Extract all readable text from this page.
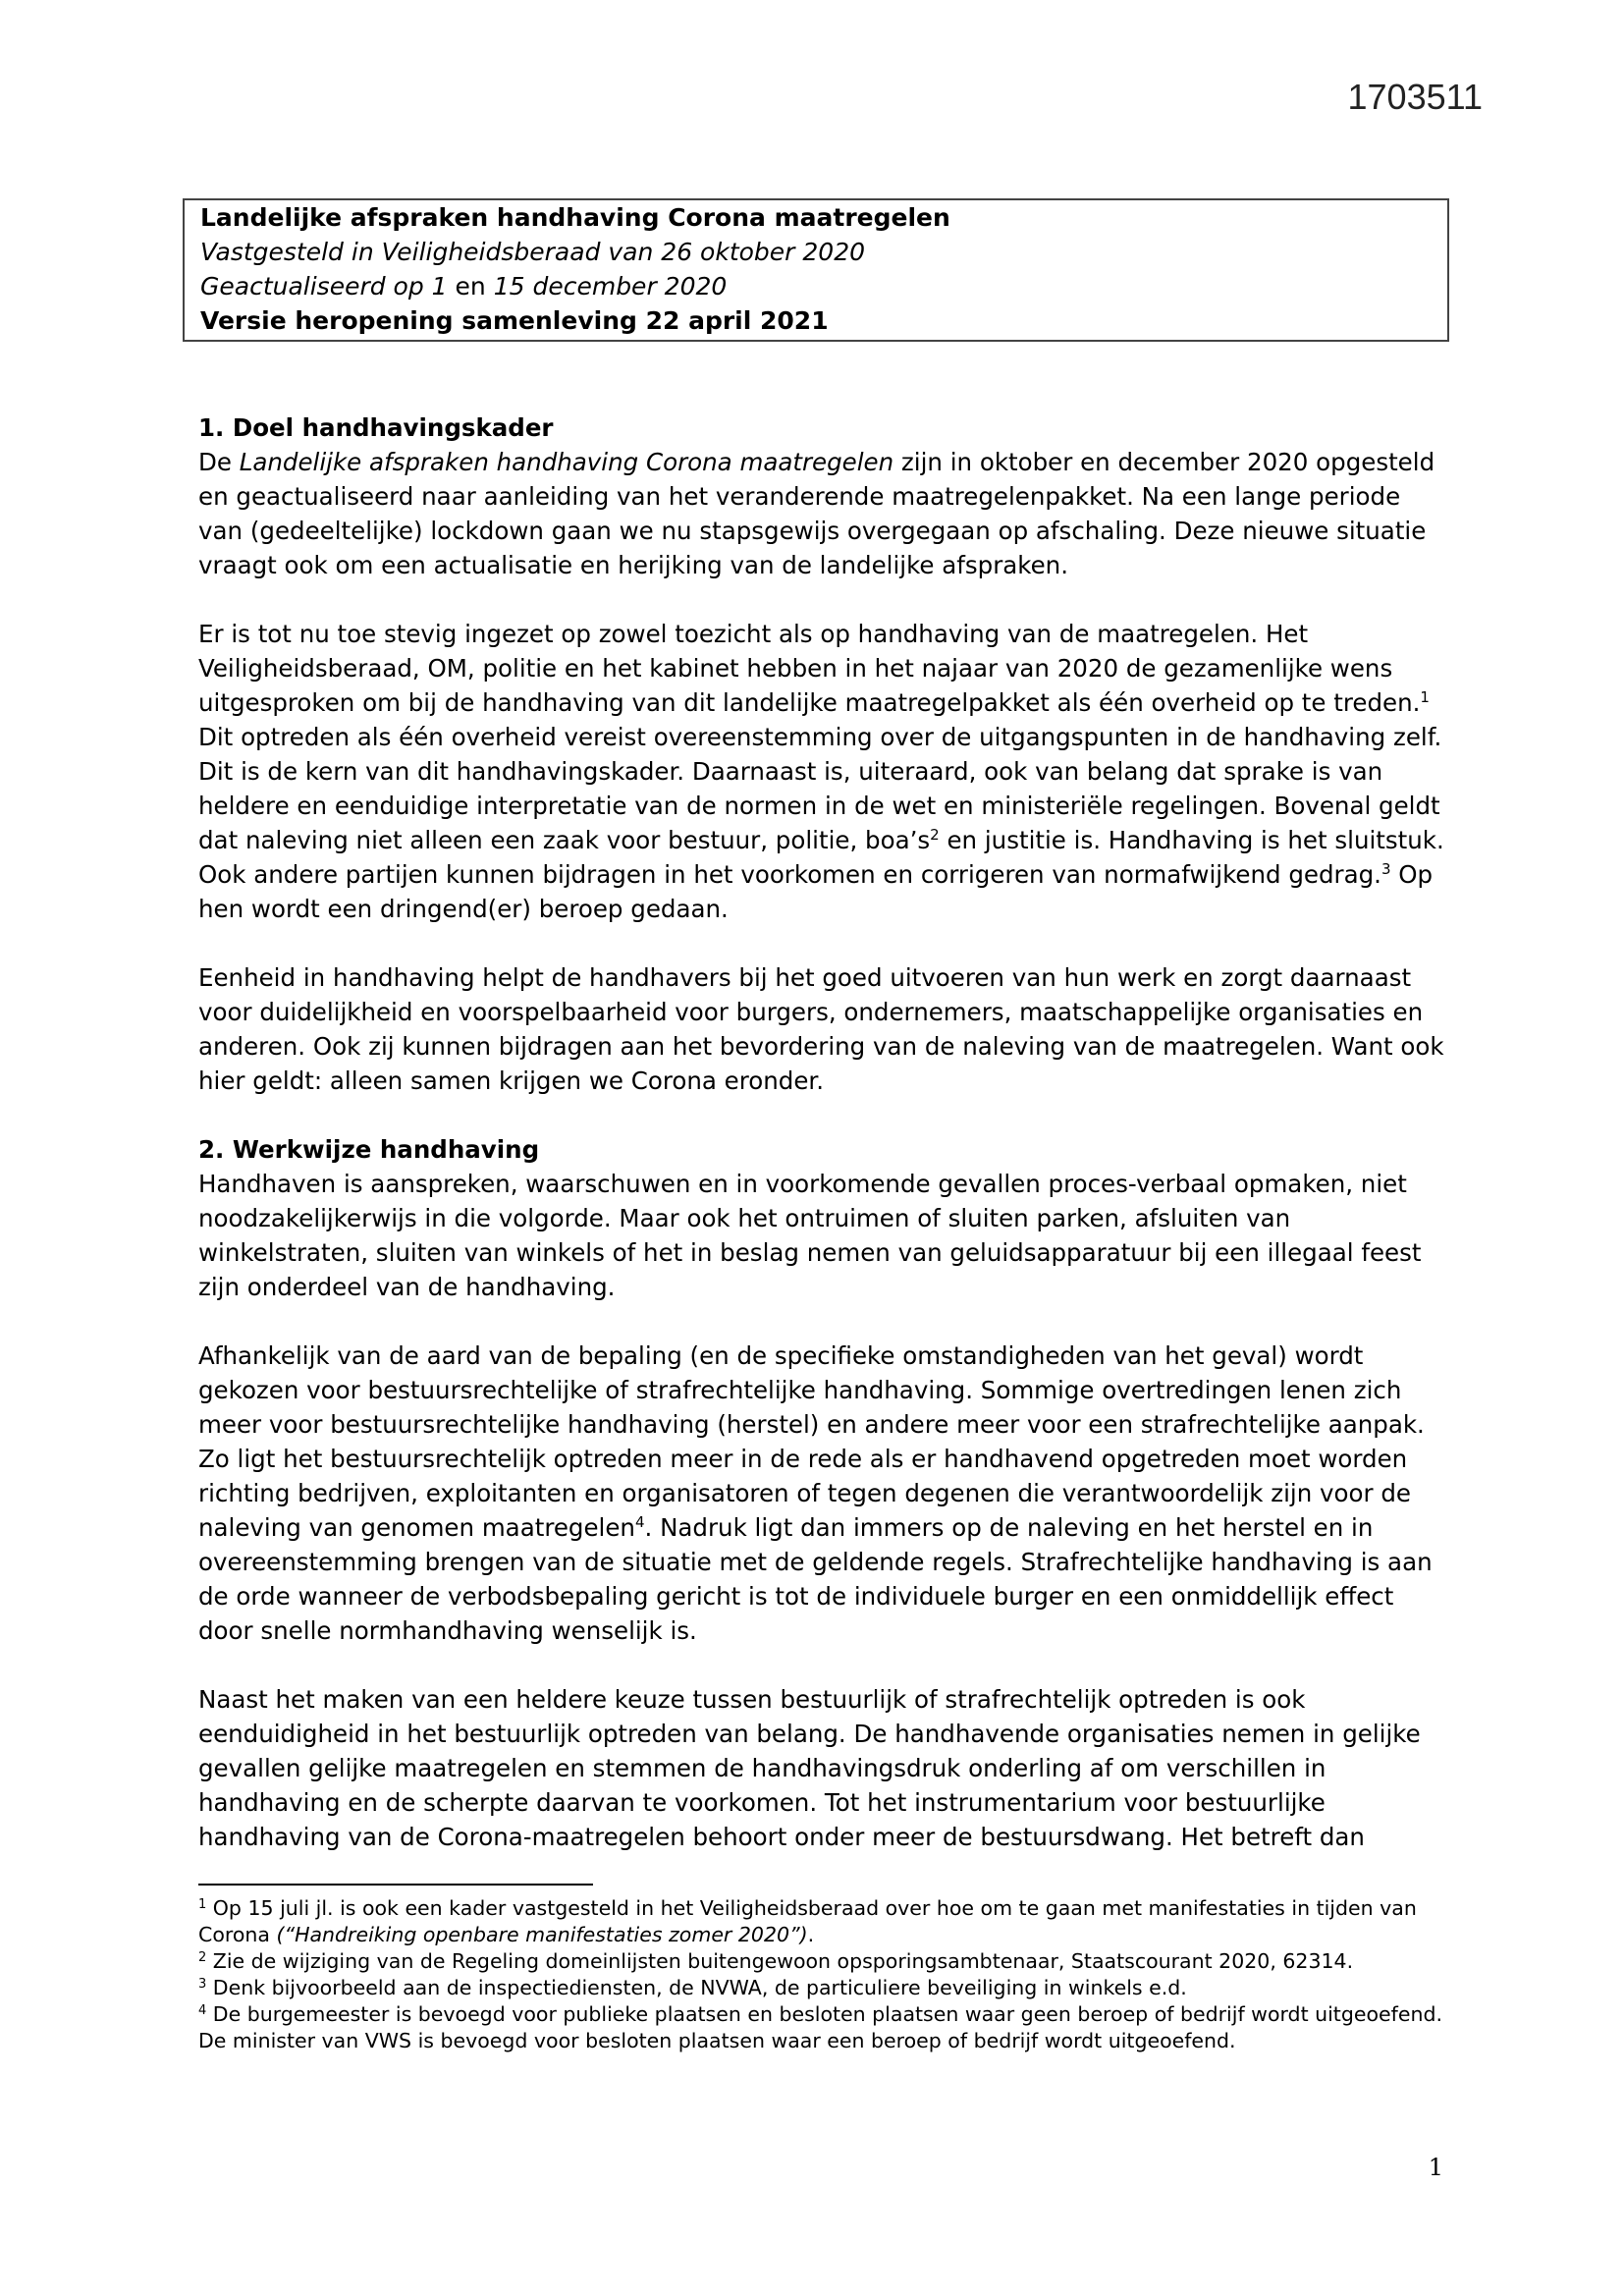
1703511
Landelijke afspraken handhaving Corona maatregelen
Vastgesteld in Veiligheidsberaad van 26 oktober 2020
Geactualiseerd op 1 en 15 december 2020
Versie heropening samenleving 22 april 2021
1. Doel handhavingskader

De Landelijke afspraken handhaving Corona maatregelen zijn in oktober en december 2020 opgesteld en geactualiseerd naar aanleiding van het veranderende maatregelenpakket. Na een lange periode van (gedeeltelijke) lockdown gaan we nu stapsgewijs overgegaan op afschaling. Deze nieuwe situatie vraagt ook om een actualisatie en herijking van de landelijke afspraken.

Er is tot nu toe stevig ingezet op zowel toezicht als op handhaving van de maatregelen. Het Veiligheidsberaad, OM, politie en het kabinet hebben in het najaar van 2020 de gezamenlijke wens uitgesproken om bij de handhaving van dit landelijke maatregelpakket als één overheid op te treden.$^1$ Dit optreden als één overheid vereist overeenstemming over de uitgangspunten in de handhaving zelf. Dit is de kern van dit handhavingskader. Daarnaast is, uiteraard, ook van belang dat sprake is van heldere en eenduidige interpretatie van de normen in de wet en ministeriële regelingen. Bovenal geldt dat naleving niet alleen een zaak voor bestuur, politie, $boa’s^2$ en justitie is. Handhaving is het sluitstuk. Ook andere partijen kunnen bijdragen in het voorkomen en corrigeren van normafwijkend gedrag.$^3$ Op hen wordt een dringend(er) beroep gedaan.

Eenheid in handhaving helpt de handhavers bij het goed uitvoeren van hun werk en zorgt daarnaast voor duidelijkheid en voorspelbaarheid voor burgers, ondernemers, maatschappelijke organisaties en anderen. Ook zij kunnen bijdragen aan het bevordering van de naleving van de maatregelen. Want ook hier geldt: alleen samen krijgen we Corona eronder.

2. Werkwijze handhaving

Handhaven is aanspreken, waarschuwen en in voorkomende gevallen proces-verbaal opmaken, niet noodzakelijkerwijs in die volgorde. Maar ook het ontruimen of sluiten parken, afsluiten van winkelstraten, sluiten van winkels of het in beslag nemen van geluidsapparatuur bij een illegaal feest zijn onderdeel van de handhaving.

Afhankelijk van de aard van de bepaling (en de specifieke omstandigheden van het geval) wordt gekozen voor bestuursrechtelijke of strafrechtelijke handhaving. Sommige overtredingen lenen zich meer voor bestuursrechtelijke handhaving (herstel) en andere meer voor een strafrechtelijke aanpak. Zo ligt het bestuursrechtelijk optreden meer in de rede als er handhavend opgetreden moet worden richting bedrijven, exploitanten en organisatoren of tegen degenen die verantwoordelijk zijn voor de naleving van genomen maatregelen$^4$. Nadruk ligt dan immers op de naleving en het herstel en in overeenstemming brengen van de situatie met de geldende regels. Strafrechtelijke handhaving is aan de orde wanneer de verbodsbepaling gericht is tot de individuele burger en een onmiddellijk effect door snelle normhandhaving wenselijk is.

Naast het maken van een heldere keuze tussen bestuurlijk of strafrechtelijk optreden is ook eenduidigheid in het bestuurlijk optreden van belang. De handhavende organisaties nemen in gelijke gevallen gelijke maatregelen en stemmen de handhavingsdruk onderling af om verschillen in handhaving en de scherpte daarvan te voorkomen. Tot het instrumentarium voor bestuurlijke handhaving van de Corona-maatregelen behoort onder meer de bestuursdwang. Het betreft dan

$^1$ Op 15 juli jl. is ook een kader vastgesteld in het Veiligheidsberaad over hoe om te gaan met manifestaties in tijden van Corona (“Handreiking openbare manifestaties zomer 2020”).

$^2$ Zie de wijziging van de Regeling domeinlijsten buitengewoon opsporingsambtenaar, Staatscourant 2020, 62314.

$^3$ Denk bijvoorbeeld aan de inspectiediensten, de NVWA, de particuliere beveiliging in winkels e.d.

$^4$ De burgemeester is bevoegd voor publieke plaatsen en besloten plaatsen waar geen beroep of bedrijf wordt uitgeoefend. De minister van VWS is bevoegd voor besloten plaatsen waar een beroep of bedrijf wordt uitgeoefend.

1
